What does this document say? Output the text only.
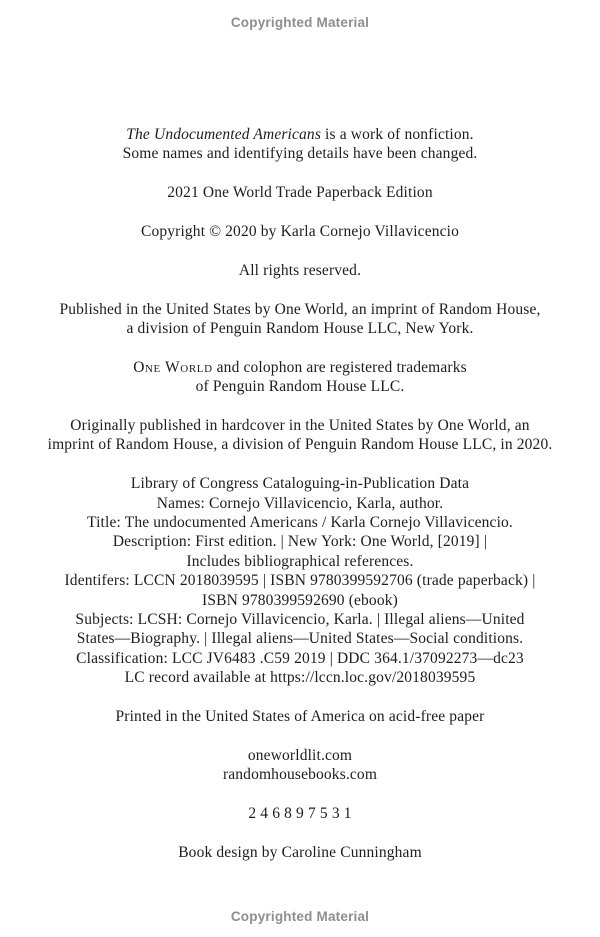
Copyrighted Material

The Undocumented Americans is a work of nonfiction.
Some names and identifying details have been changed.

2021 One World Trade Paperback Edition

Copyright © 2020 by Karla Cornejo Villavicencio

All rights reserved.

Published in the United States by One World, an imprint of Random House,
a division of Penguin Random House LLC, New York.

One World and colophon are registered trademarks
of Penguin Random House LLC.

Originally published in hardcover in the United States by One World, an
imprint of Random House, a division of Penguin Random House LLC, in 2020.

Library of Congress Cataloguing-in-Publication Data
Names: Cornejo Villavicencio, Karla, author.
Title: The undocumented Americans / Karla Cornejo Villavicencio.
Description: First edition. | New York: One World, [2019] |
Includes bibliographical references.
Identifers: LCCN 2018039595 | ISBN 9780399592706 (trade paperback) |
ISBN 9780399592690 (ebook)
Subjects: LCSH: Cornejo Villavicencio, Karla. | Illegal aliens—United
States—Biography. | Illegal aliens—United States—Social conditions.
Classification: LCC JV6483 .C59 2019 | DDC 364.1/37092273—dc23
LC record available at https://lccn.loc.gov/2018039595

Printed in the United States of America on acid-free paper

oneworldlit.com
randomhousebooks.com

2 4 6 8 9 7 5 3 1

Book design by Caroline Cunningham

Copyrighted Material
